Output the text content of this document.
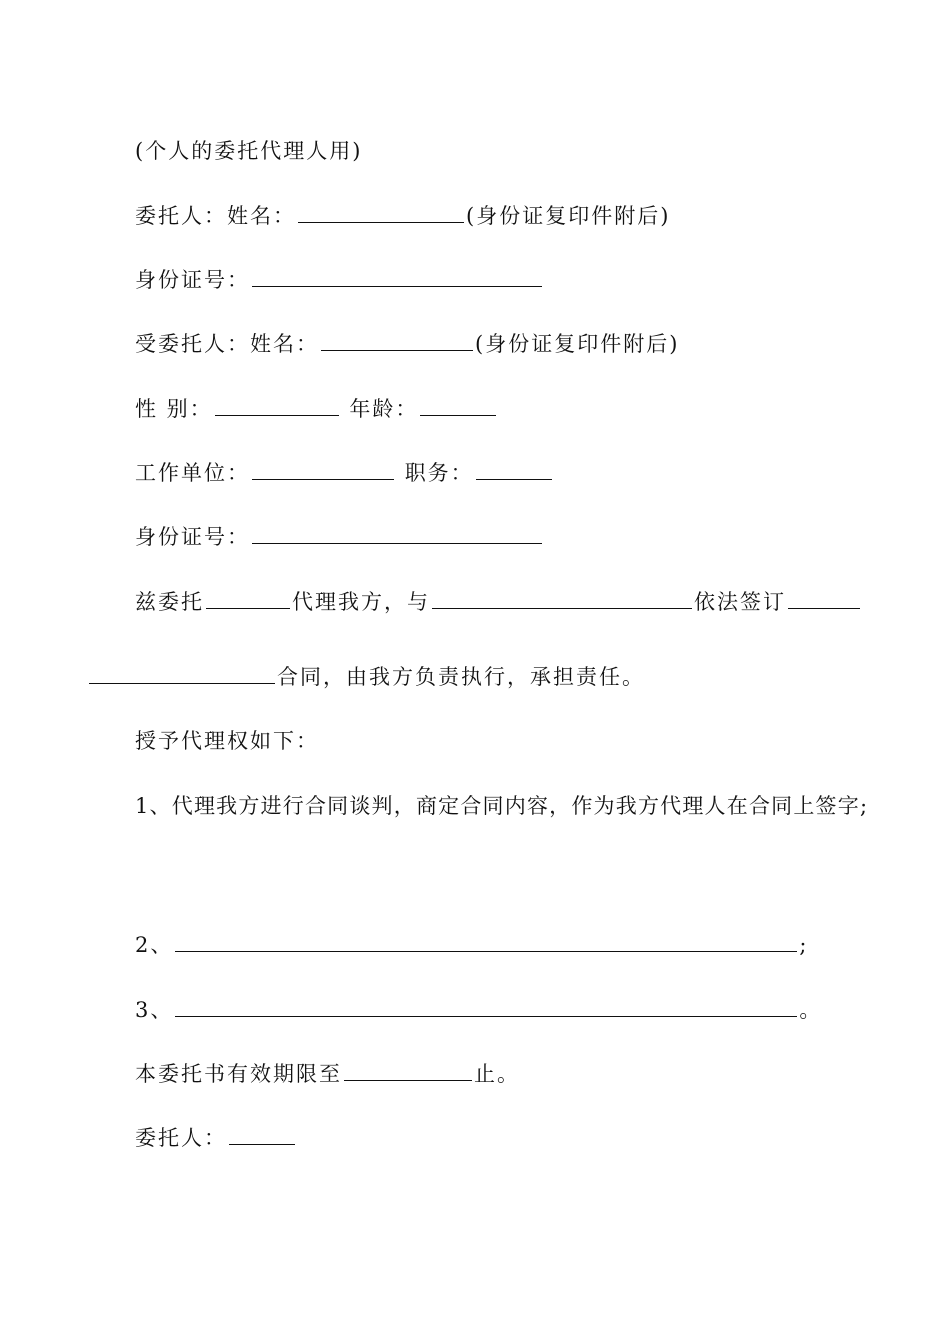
(个人的委托代理人用)
委托人：姓名：	(身份证复印件附后)
身份证号：
受委托人：姓名：	(身份证复印件附后)
性 别：	年龄：
工作单位：	职务：
身份证号：
兹委托	代理我方，与	依法签订
合同，由我方负责执行，承担责任。
授予代理权如下：
1、代理我方进行合同谈判，商定合同内容，作为我方代理人在合同上签字;
2、	;
3、	。
本委托书有效期限至	止。
委托人：
